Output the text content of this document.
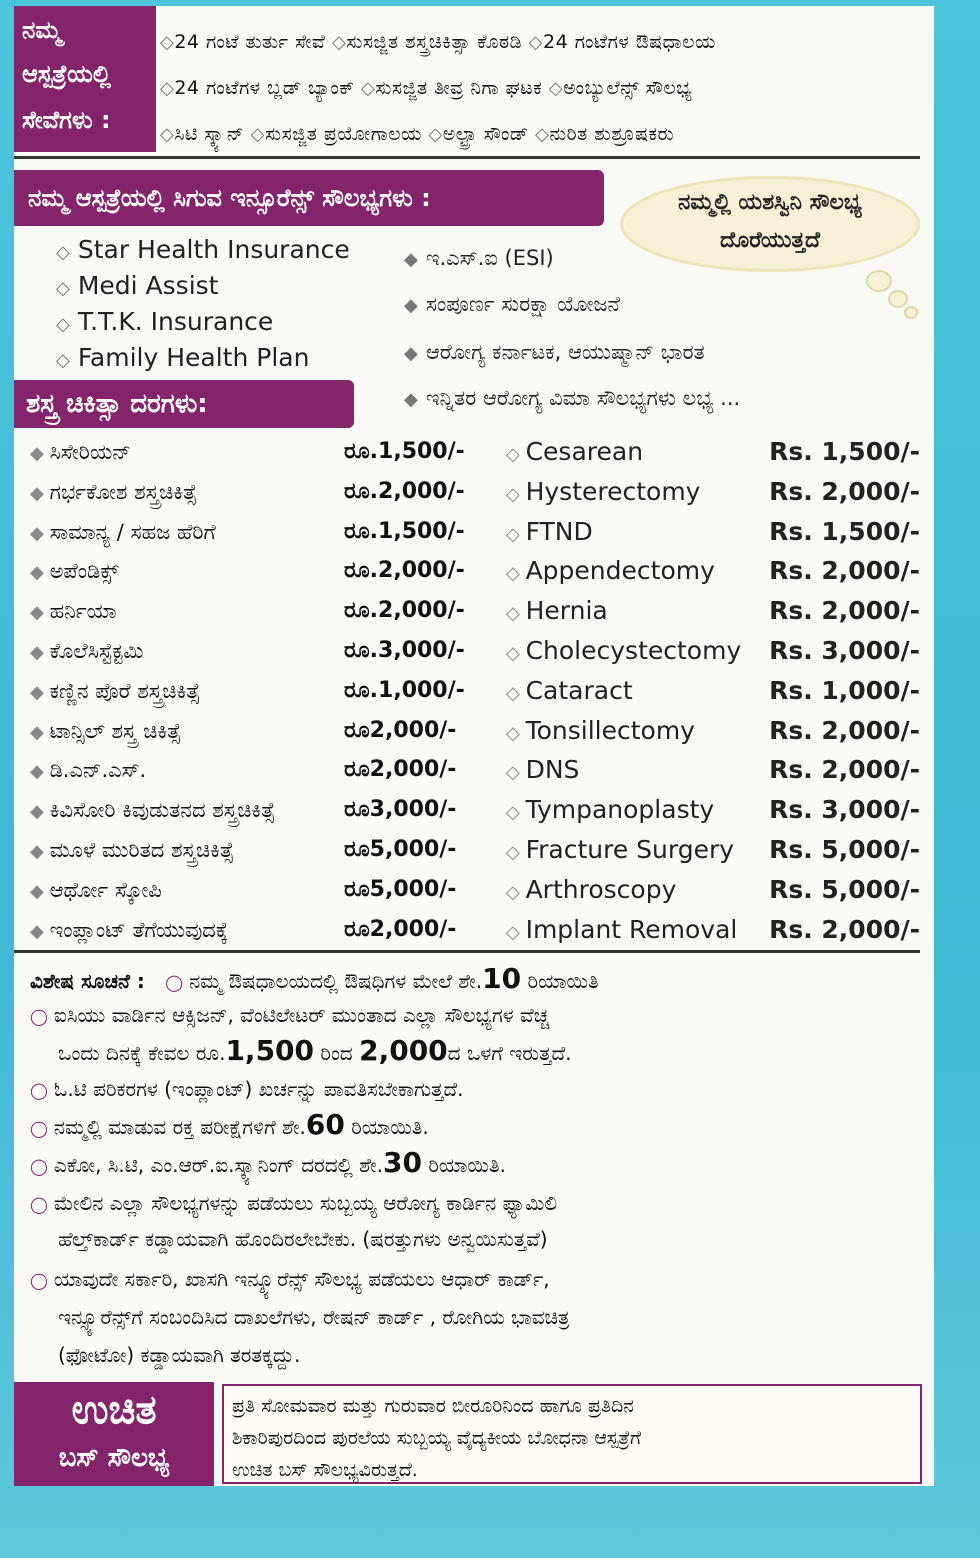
ನಮ್ಮ
ಆಸ್ಪತ್ರೆಯಲ್ಲಿ
ಸೇವೆಗಳು :
◇24 ಗಂಟೆ ತುರ್ತು ಸೇವೆ ◇ಸುಸಜ್ಜಿತ ಶಸ್ತ್ರಚಿಕಿತ್ಸಾ ಕೊಠಡಿ ◇24 ಗಂಟೆಗಳ ಔಷಧಾಲಯ
◇24 ಗಂಟೆಗಳ ಬ್ಲಡ್ ಬ್ಯಾಂಕ್ ◇ಸುಸಜ್ಜಿತ ತೀವ್ರ ನಿಗಾ ಘಟಕ ◇ಅಂಬ್ಯುಲೆನ್ಸ್ ಸೌಲಭ್ಯ
◇ಸಿಟಿ ಸ್ಕ್ಯಾನ್ ◇ಸುಸಜ್ಜಿತ ಪ್ರಯೋಗಾಲಯ ◇ಅಲ್ಟ್ರಾ ಸೌಂಡ್ ◇ನುರಿತ ಶುಶ್ರೂಷಕರು
ನಮ್ಮ ಆಸ್ಪತ್ರೆಯಲ್ಲಿ ಸಿಗುವ ಇನ್ಸೂರೆನ್ಸ್ ಸೌಲಭ್ಯಗಳು :	ನಮ್ಮಲ್ಲಿ ಯಶಸ್ವಿನಿ ಸೌಲಭ್ಯ
ದೊರೆಯುತ್ತದೆ
◇ Star Health Insurance
◇ Medi Assist
◇ T.T.K. Insurance
◇ Family Health Plan
◆ ಇ.ಎಸ್.ಐ (ESI)
◆ ಸಂಪೂರ್ಣ ಸುರಕ್ಷಾ ಯೋಜನೆ
◆ ಆರೋಗ್ಯ ಕರ್ನಾಟಕ, ಆಯುಷ್ಮಾನ್ ಭಾರತ
◆ ಇನ್ನಿತರ ಆರೋಗ್ಯ ವಿಮಾ ಸೌಲಭ್ಯಗಳು ಲಭ್ಯ ...
ಶಸ್ತ್ರ ಚಿಕಿತ್ಸಾ ದರಗಳು:
◆ ಸಿಸೇರಿಯನ್	ರೂ.1,500/- ◇ Cesarean	Rs. 1,500/-
◆ ಗರ್ಭಕೋಶ ಶಸ್ತ್ರಚಿಕಿತ್ಸೆ	ರೂ.2,000/- ◇ Hysterectomy	Rs. 2,000/-
◆ ಸಾಮಾನ್ಯ / ಸಹಜ ಹೆರಿಗೆ	ರೂ.1,500/- ◇ FTND	Rs. 1,500/-
◆ ಅಪೆಂಡಿಕ್ಸ್	ರೂ.2,000/- ◇ Appendectomy Rs. 2,000/-
◆ ಹರ್ನಿಯಾ	ರೂ.2,000/- ◇ Hernia	Rs. 2,000/-
◆ ಕೊಲೆಸಿಸ್ಟೆಕ್ಟಮಿ	ರೂ.3,000/- ◇ Cholecystectomy Rs. 3,000/-
◆ ಕಣ್ಣಿನ ಪೊರೆ ಶಸ್ತ್ರಚಿಕಿತ್ಸೆ	ರೂ.1,000/- ◇ Cataract	Rs. 1,000/-
◆ ಟಾನ್ಸಿಲ್ ಶಸ್ತ್ರ ಚಿಕಿತ್ಸೆ	ರೂ2,000/-	◇ Tonsillectomy	Rs. 2,000/-
◆ ಡಿ.ಎನ್.ಎಸ್.	ರೂ2,000/-	◇ DNS	Rs. 2,000/-
◆ ಕಿವಿಸೋರಿ ಕಿವುಡುತನದ ಶಸ್ತ್ರಚಿಕಿತ್ಸೆ	ರೂ3,000/-	◇ Tympanoplasty Rs. 3,000/-
◆ ಮೂಳೆ ಮುರಿತದ ಶಸ್ತ್ರಚಿಕಿತ್ಸೆ	ರೂ5,000/-	◇ Fracture Surgery Rs. 5,000/-
◆ ಆರ್ಥೋ ಸ್ಕೋಪಿ	ರೂ5,000/-	◇ Arthroscopy	Rs. 5,000/-
◆ ಇಂಪ್ಲಾಂಟ್ ತೆಗೆಯುವುದಕ್ಕೆ	ರೂ2,000/-	◇ Implant Removal Rs. 2,000/-
ವಿಶೇಷ ಸೂಚನೆ : ◯ ನಮ್ಮ ಔಷಧಾಲಯದಲ್ಲಿ ಔಷಧಿಗಳ ಮೇಲೆ ಶೇ.10 ರಿಯಾಯಿತಿ
◯ ಐಸಿಯು ವಾರ್ಡಿನ ಆಕ್ಸಿಜನ್, ವೆಂಟಿಲೇಟರ್ ಮುಂತಾದ ಎಲ್ಲಾ ಸೌಲಭ್ಯಗಳ ವೆಚ್ಚ
ಒಂದು ದಿನಕ್ಕೆ ಕೇವಲ ರೂ.1,500 ರಿಂದ 2,000ದ ಒಳಗೆ ಇರುತ್ತದೆ.
◯ ಓ.ಟಿ ಪರಿಕರಗಳ (ಇಂಪ್ಲಾಂಟ್) ಖರ್ಚನ್ನು ಪಾವತಿಸಬೇಕಾಗುತ್ತದೆ.
◯ ನಮ್ಮಲ್ಲಿ ಮಾಡುವ ರಕ್ತ ಪರೀಕ್ಷೆಗಳಿಗೆ ಶೇ.60 ರಿಯಾಯಿತಿ.
◯ ಎಕೋ, ಸಿ.ಟಿ, ಎಂ.ಆರ್.ಐ.ಸ್ಕ್ಯಾನಿಂಗ್ ದರದಲ್ಲಿ ಶೇ.30 ರಿಯಾಯಿತಿ.
◯ ಮೇಲಿನ ಎಲ್ಲಾ ಸೌಲಭ್ಯಗಳನ್ನು ಪಡೆಯಲು ಸುಬ್ಬಯ್ಯ ಆರೋಗ್ಯ ಕಾರ್ಡಿನ ಫ್ಯಾಮಿಲಿ
ಹೆಲ್ತ್‌ಕಾರ್ಡ್ ಕಡ್ಡಾಯವಾಗಿ ಹೊಂದಿರಲೇಬೇಕು. (ಷರತ್ತುಗಳು ಅನ್ವಯಿಸುತ್ತವೆ)
◯ ಯಾವುದೇ ಸರ್ಕಾರಿ, ಖಾಸಗಿ ಇನ್ಶ್ಯೂರೆನ್ಸ್ ಸೌಲಭ್ಯ ಪಡೆಯಲು ಆಧಾರ್ ಕಾರ್ಡ್,
ಇನ್ಸ್ಯೂರೆನ್ಸ್‌ಗೆ ಸಂಬಂದಿಸಿದ ದಾಖಲೆಗಳು, ರೇಷನ್ ಕಾರ್ಡ್ , ರೋಗಿಯ ಭಾವಚಿತ್ರ
(ಫೋಟೋ) ಕಡ್ಡಾಯವಾಗಿ ತರತಕ್ಕದ್ದು.
ಉಚಿತ
ಬಸ್ ಸೌಲಭ್ಯ
ಪ್ರತಿ ಸೋಮವಾರ ಮತ್ತು ಗುರುವಾರ ಬೀರೂರಿನಿಂದ ಹಾಗೂ ಪ್ರತಿದಿನ
ಶಿಕಾರಿಪುರದಿಂದ ಪುರಲೆಯ ಸುಬ್ಬಯ್ಯ ವೈದ್ಯಕೀಯ ಬೋಧನಾ ಆಸ್ಪತ್ರೆಗೆ
ಉಚಿತ ಬಸ್ ಸೌಲಭ್ಯವಿರುತ್ತದೆ.
